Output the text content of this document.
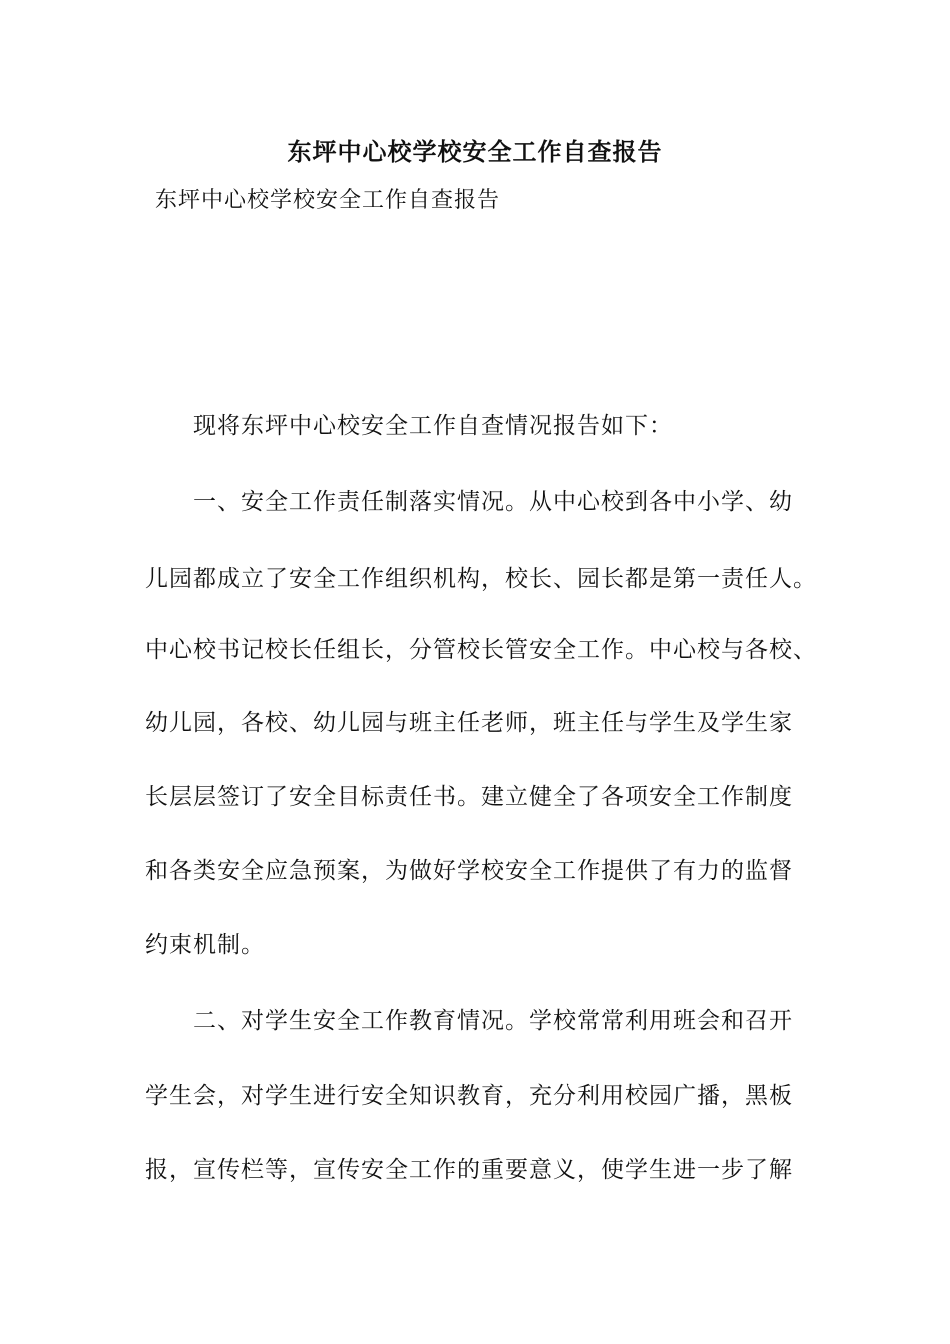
东坪中心校学校安全工作自查报告
东坪中心校学校安全工作自查报告
现将东坪中心校安全工作自查情况报告如下：
一、安全工作责任制落实情况。从中心校到各中小学、幼
儿园都成立了安全工作组织机构，校长、园长都是第一责任人。
中心校书记校长任组长，分管校长管安全工作。中心校与各校、
幼儿园，各校、幼儿园与班主任老师，班主任与学生及学生家
长层层签订了安全目标责任书。建立健全了各项安全工作制度
和各类安全应急预案，为做好学校安全工作提供了有力的监督
约束机制。
二、对学生安全工作教育情况。学校常常利用班会和召开
学生会，对学生进行安全知识教育，充分利用校园广播，黑板
报，宣传栏等，宣传安全工作的重要意义，使学生进一步了解
